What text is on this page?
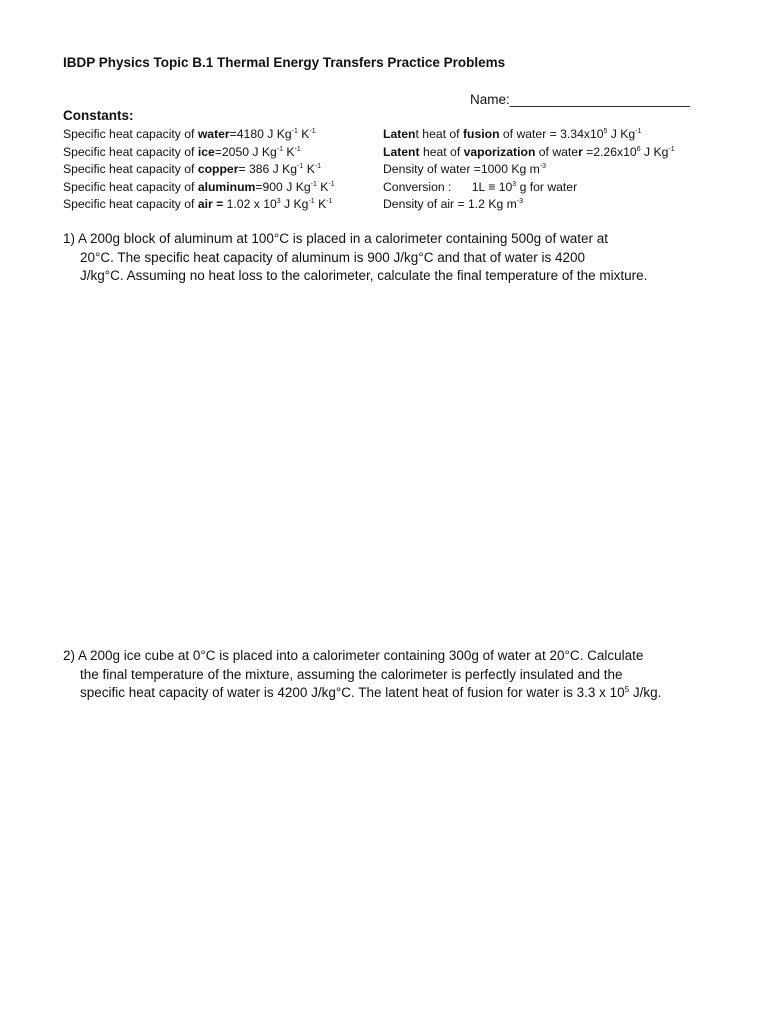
IBDP Physics Topic B.1 Thermal Energy Transfers Practice Problems
Name:________________________
Constants:
Specific heat capacity of water=4180 J $Kg^{-1}$ $K^{-1}$
Specific heat capacity of ice=2050 J $Kg^{-1}$ $K^{-1}$
Specific heat capacity of copper= 386 J $Kg^{-1}$ $K^{-1}$
Specific heat capacity of aluminum=900 J $Kg^{-1}$ $K^{-1}$
Specific heat capacity of air = 1.02 x $10^3$ J $Kg^{-1}$ $K^{-1}$
Latent heat of fusion of water = $3.34x10^5$ J $Kg^{-1}$
Latent heat of vaporization of water $=2.26x10^6$ J $Kg^{-1}$
Density of water =1000 Kg $m^{-3}$
Conversion :      $1L \equiv 10^3$ g for water
Density of air = 1.2 Kg $m^{-3}$
1) A 200g block of aluminum at 100°C is placed in a calorimeter containing 500g of water at
20°C. The specific heat capacity of aluminum is 900 J/kg°C and that of water is 4200
J/kg°C. Assuming no heat loss to the calorimeter, calculate the final temperature of the mixture.
2) A 200g ice cube at 0°C is placed into a calorimeter containing 300g of water at 20°C. Calculate
the final temperature of the mixture, assuming the calorimeter is perfectly insulated and the
specific heat capacity of water is 4200 J/kg°C. The latent heat of fusion for water is 3.3 x $10^5$ J/kg.
